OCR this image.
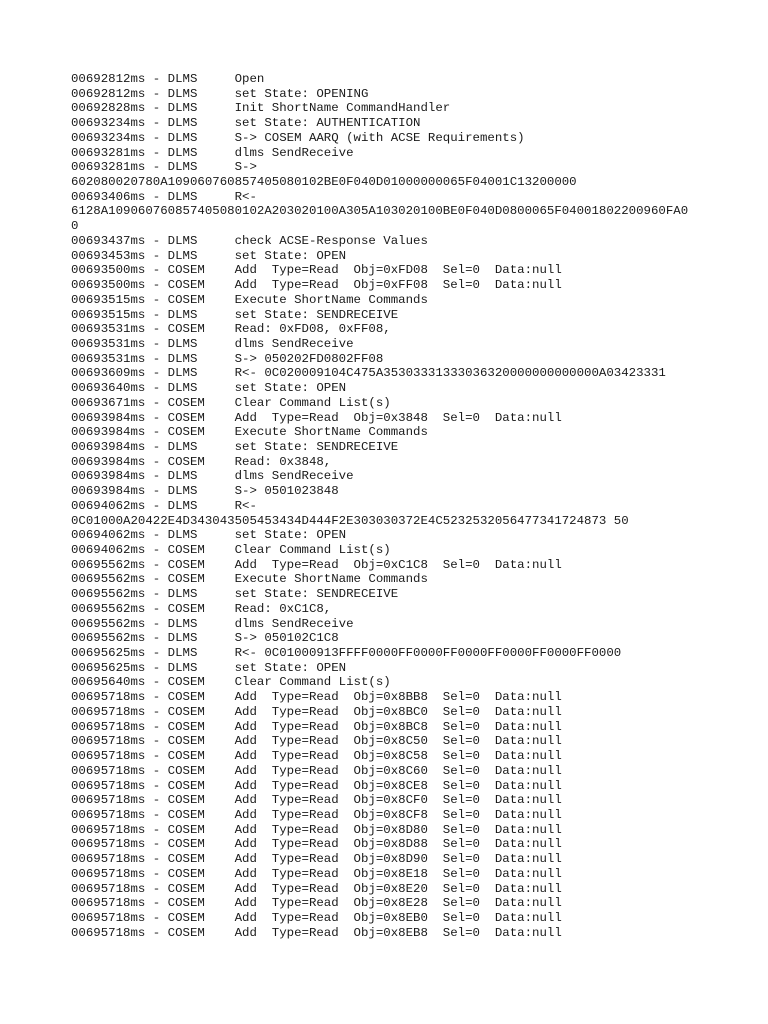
00692812ms - DLMS     Open
00692812ms - DLMS     set State: OPENING
00692828ms - DLMS     Init ShortName CommandHandler
00693234ms - DLMS     set State: AUTHENTICATION
00693234ms - DLMS     S-> COSEM AARQ (with ACSE Requirements)
00693281ms - DLMS     dlms SendReceive
00693281ms - DLMS     S->
602080020780A109060760857405080102BE0F040D01000000065F04001C13200000
00693406ms - DLMS     R<-
6128A109060760857405080102A203020100A305A103020100BE0F040D0800065F04001802200960FA0
0
00693437ms - DLMS     check ACSE-Response Values
00693453ms - DLMS     set State: OPEN
00693500ms - COSEM    Add  Type=Read  Obj=0xFD08  Sel=0  Data:null
00693500ms - COSEM    Add  Type=Read  Obj=0xFF08  Sel=0  Data:null
00693515ms - COSEM    Execute ShortName Commands
00693515ms - DLMS     set State: SENDRECEIVE
00693531ms - COSEM    Read: 0xFD08, 0xFF08,
00693531ms - DLMS     dlms SendReceive
00693531ms - DLMS     S-> 050202FD0802FF08
00693609ms - DLMS     R<- 0C020009104C475A35303331333036320000000000000A03423331
00693640ms - DLMS     set State: OPEN
00693671ms - COSEM    Clear Command List(s)
00693984ms - COSEM    Add  Type=Read  Obj=0x3848  Sel=0  Data:null
00693984ms - COSEM    Execute ShortName Commands
00693984ms - DLMS     set State: SENDRECEIVE
00693984ms - COSEM    Read: 0x3848,
00693984ms - DLMS     dlms SendReceive
00693984ms - DLMS     S-> 0501023848
00694062ms - DLMS     R<-
0C01000A20422E4D343043505453434D444F2E303030372E4C5232532056477341724873 50
00694062ms - DLMS     set State: OPEN
00694062ms - COSEM    Clear Command List(s)
00695562ms - COSEM    Add  Type=Read  Obj=0xC1C8  Sel=0  Data:null
00695562ms - COSEM    Execute ShortName Commands
00695562ms - DLMS     set State: SENDRECEIVE
00695562ms - COSEM    Read: 0xC1C8,
00695562ms - DLMS     dlms SendReceive
00695562ms - DLMS     S-> 050102C1C8
00695625ms - DLMS     R<- 0C01000913FFFF0000FF0000FF0000FF0000FF0000FF0000
00695625ms - DLMS     set State: OPEN
00695640ms - COSEM    Clear Command List(s)
00695718ms - COSEM    Add  Type=Read  Obj=0x8BB8  Sel=0  Data:null
00695718ms - COSEM    Add  Type=Read  Obj=0x8BC0  Sel=0  Data:null
00695718ms - COSEM    Add  Type=Read  Obj=0x8BC8  Sel=0  Data:null
00695718ms - COSEM    Add  Type=Read  Obj=0x8C50  Sel=0  Data:null
00695718ms - COSEM    Add  Type=Read  Obj=0x8C58  Sel=0  Data:null
00695718ms - COSEM    Add  Type=Read  Obj=0x8C60  Sel=0  Data:null
00695718ms - COSEM    Add  Type=Read  Obj=0x8CE8  Sel=0  Data:null
00695718ms - COSEM    Add  Type=Read  Obj=0x8CF0  Sel=0  Data:null
00695718ms - COSEM    Add  Type=Read  Obj=0x8CF8  Sel=0  Data:null
00695718ms - COSEM    Add  Type=Read  Obj=0x8D80  Sel=0  Data:null
00695718ms - COSEM    Add  Type=Read  Obj=0x8D88  Sel=0  Data:null
00695718ms - COSEM    Add  Type=Read  Obj=0x8D90  Sel=0  Data:null
00695718ms - COSEM    Add  Type=Read  Obj=0x8E18  Sel=0  Data:null
00695718ms - COSEM    Add  Type=Read  Obj=0x8E20  Sel=0  Data:null
00695718ms - COSEM    Add  Type=Read  Obj=0x8E28  Sel=0  Data:null
00695718ms - COSEM    Add  Type=Read  Obj=0x8EB0  Sel=0  Data:null
00695718ms - COSEM    Add  Type=Read  Obj=0x8EB8  Sel=0  Data:null
